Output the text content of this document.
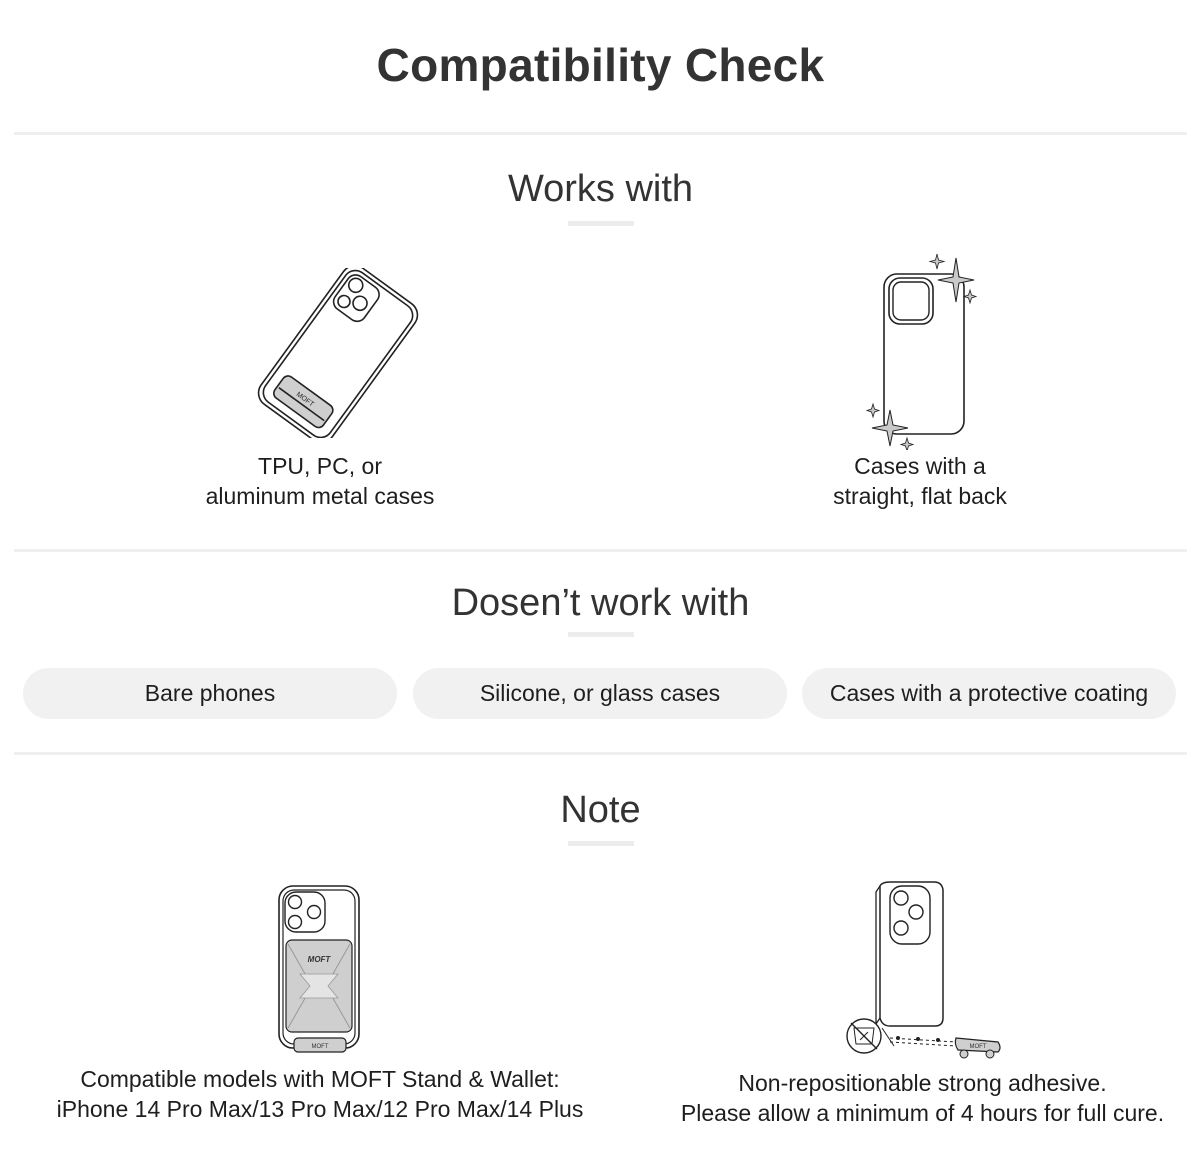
Compatibility Check
Works with
MOFT
TPU, PC, or
aluminum metal cases
Cases with a
straight, flat back
Dosen’t work with
Bare phones	Silicone, or glass cases	Cases with a protective coating
Note
MOFT
MOFT
Compatible models with MOFT Stand & Wallet:
iPhone 14 Pro Max/13 Pro Max/12 Pro Max/14 Plus
MOFT
Non-repositionable strong adhesive.
Please allow a minimum of 4 hours for full cure.
